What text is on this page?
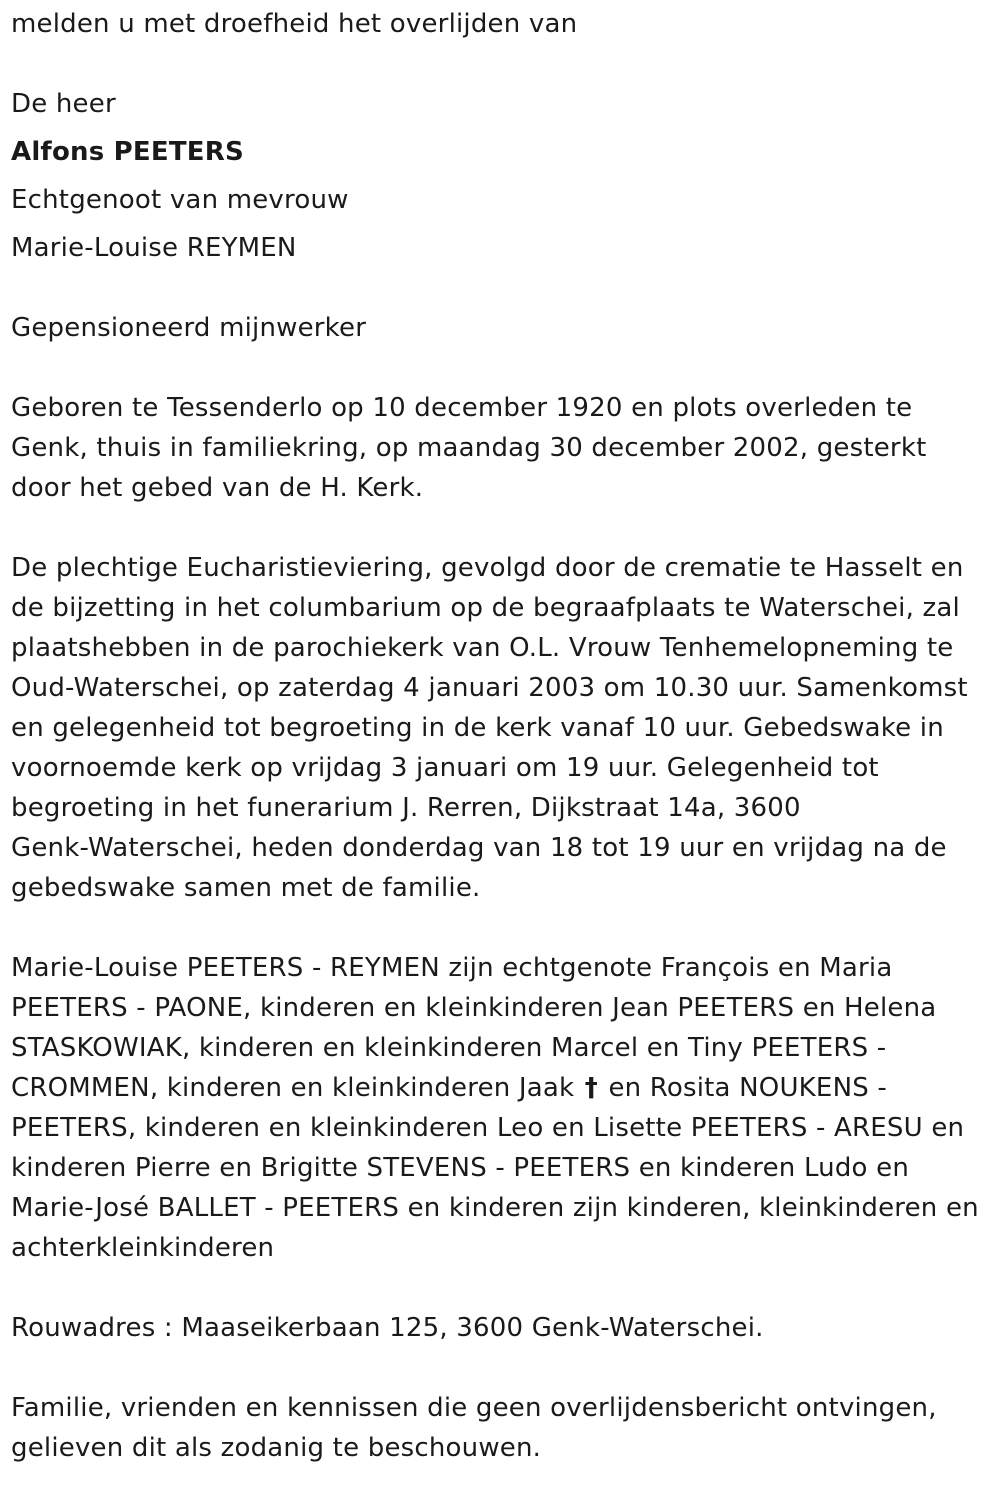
melden u met droefheid het overlijden van

De heer

Alfons PEETERS

Echtgenoot van mevrouw

Marie-Louise REYMEN

Gepensioneerd mijnwerker

Geboren te Tessenderlo op 10 december 1920 en plots overleden te
Genk, thuis in familiekring, op maandag 30 december 2002, gesterkt
door het gebed van de H. Kerk.

De plechtige Eucharistieviering, gevolgd door de crematie te Hasselt en
de bijzetting in het columbarium op de begraafplaats te Waterschei, zal
plaatshebben in de parochiekerk van O.L. Vrouw Tenhemelopneming te
Oud-Waterschei, op zaterdag 4 januari 2003 om 10.30 uur. Samenkomst
en gelegenheid tot begroeting in de kerk vanaf 10 uur. Gebedswake in
voornoemde kerk op vrijdag 3 januari om 19 uur. Gelegenheid tot
begroeting in het funerarium J. Rerren, Dijkstraat 14a, 3600
Genk-Waterschei, heden donderdag van 18 tot 19 uur en vrijdag na de
gebedswake samen met de familie.

Marie-Louise PEETERS - REYMEN zijn echtgenote François en Maria
PEETERS - PAONE, kinderen en kleinkinderen Jean PEETERS en Helena
STASKOWIAK, kinderen en kleinkinderen Marcel en Tiny PEETERS -
CROMMEN, kinderen en kleinkinderen Jaak † en Rosita NOUKENS -
PEETERS, kinderen en kleinkinderen Leo en Lisette PEETERS - ARESU en
kinderen Pierre en Brigitte STEVENS - PEETERS en kinderen Ludo en
Marie-José BALLET - PEETERS en kinderen zijn kinderen, kleinkinderen en
achterkleinkinderen

Rouwadres : Maaseikerbaan 125, 3600 Genk-Waterschei.

Familie, vrienden en kennissen die geen overlijdensbericht ontvingen,
gelieven dit als zodanig te beschouwen.
